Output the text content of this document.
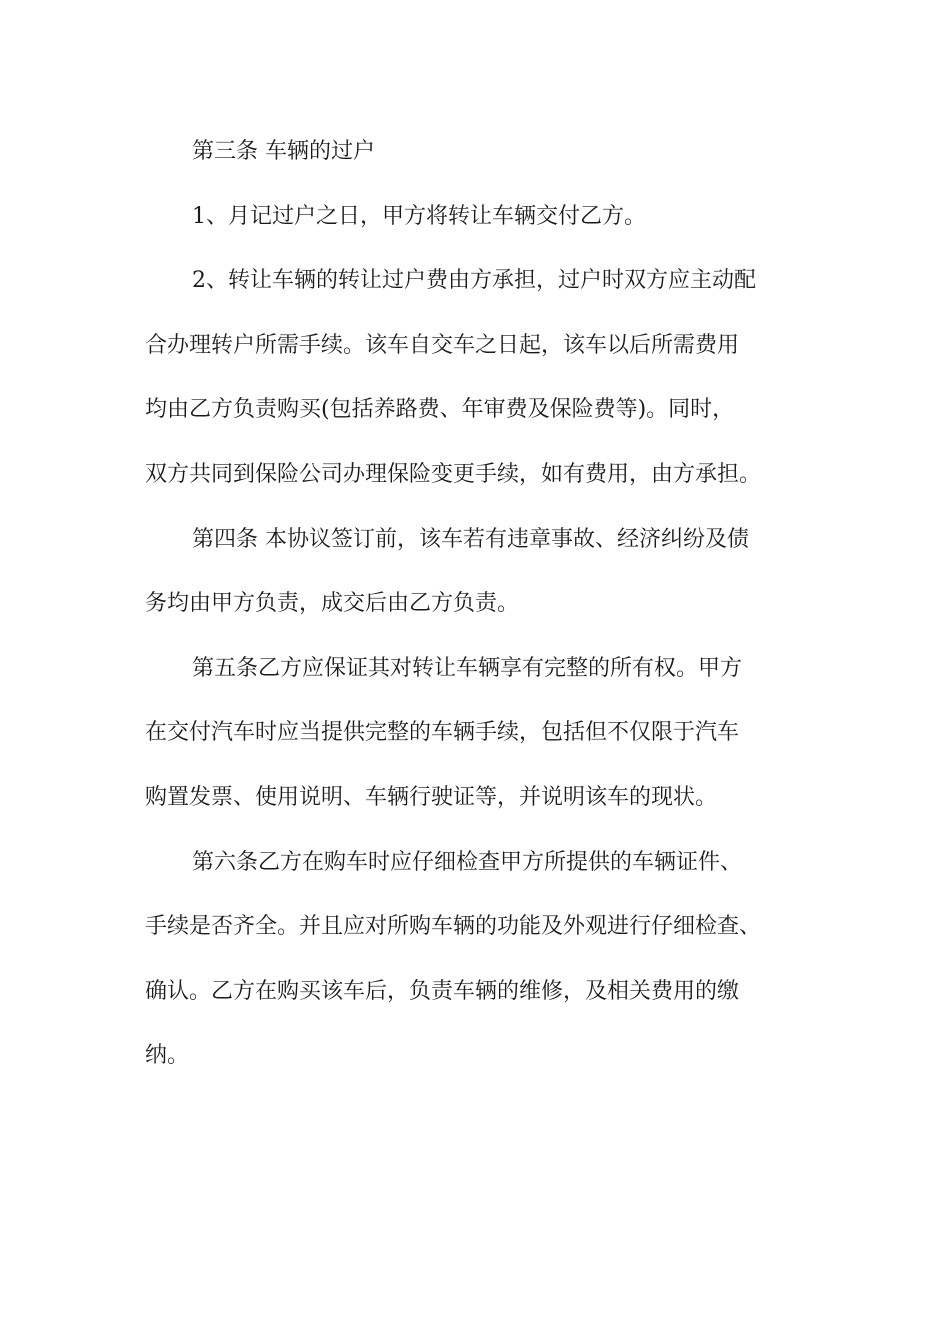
第三条 车辆的过户

1、月记过户之日，甲方将转让车辆交付乙方。

2、转让车辆的转让过户费由方承担，过户时双方应主动配

合办理转户所需手续。该车自交车之日起，该车以后所需费用

均由乙方负责购买(包括养路费、年审费及保险费等)。同时，

双方共同到保险公司办理保险变更手续，如有费用，由方承担。

第四条 本协议签订前，该车若有违章事故、经济纠纷及债

务均由甲方负责，成交后由乙方负责。

第五条乙方应保证其对转让车辆享有完整的所有权。甲方

在交付汽车时应当提供完整的车辆手续，包括但不仅限于汽车

购置发票、使用说明、车辆行驶证等，并说明该车的现状。

第六条乙方在购车时应仔细检查甲方所提供的车辆证件、

手续是否齐全。并且应对所购车辆的功能及外观进行仔细检查、

确认。乙方在购买该车后，负责车辆的维修，及相关费用的缴

纳。
